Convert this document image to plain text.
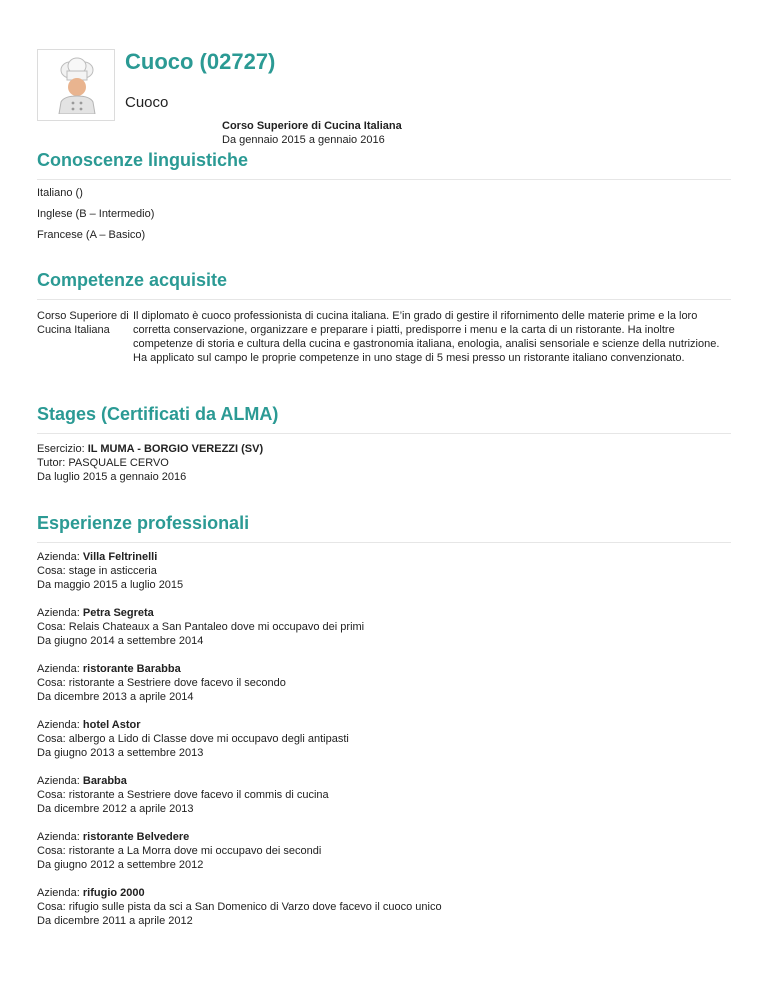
Cuoco (02727)
Cuoco
Corso Superiore di Cucina Italiana
Da gennaio 2015 a gennaio 2016
Conoscenze linguistiche
Italiano ()
Inglese (B – Intermedio)
Francese (A – Basico)
Competenze acquisite
Corso Superiore di Cucina Italiana
Il diplomato è cuoco professionista di cucina italiana. E’in grado di gestire il rifornimento delle materie prime e la loro corretta conservazione, organizzare e preparare i piatti, predisporre i menu e la carta di un ristorante. Ha inoltre competenze di storia e cultura della cucina e gastronomia italiana, enologia, analisi sensoriale e scienze della nutrizione. Ha applicato sul campo le proprie competenze in uno stage di 5 mesi presso un ristorante italiano convenzionato.
Stages (Certificati da ALMA)
Esercizio: IL MUMA - BORGIO VEREZZI (SV)
Tutor: PASQUALE CERVO
Da luglio 2015 a gennaio 2016
Esperienze professionali
Azienda: Villa Feltrinelli
Cosa: stage in asticceria
Da maggio 2015 a luglio 2015
Azienda: Petra Segreta
Cosa: Relais Chateaux a San Pantaleo dove mi occupavo dei primi
Da giugno 2014 a settembre 2014
Azienda: ristorante Barabba
Cosa: ristorante a Sestriere dove facevo il secondo
Da dicembre 2013 a aprile 2014
Azienda: hotel Astor
Cosa: albergo a Lido di Classe dove mi occupavo degli antipasti
Da giugno 2013 a settembre 2013
Azienda: Barabba
Cosa: ristorante a Sestriere dove facevo il commis di cucina
Da dicembre 2012 a aprile 2013
Azienda: ristorante Belvedere
Cosa: ristorante a La Morra dove mi occupavo dei secondi
Da giugno 2012 a settembre 2012
Azienda: rifugio 2000
Cosa: rifugio sulle pista da sci a San Domenico di Varzo dove facevo il cuoco unico
Da dicembre 2011 a aprile 2012
